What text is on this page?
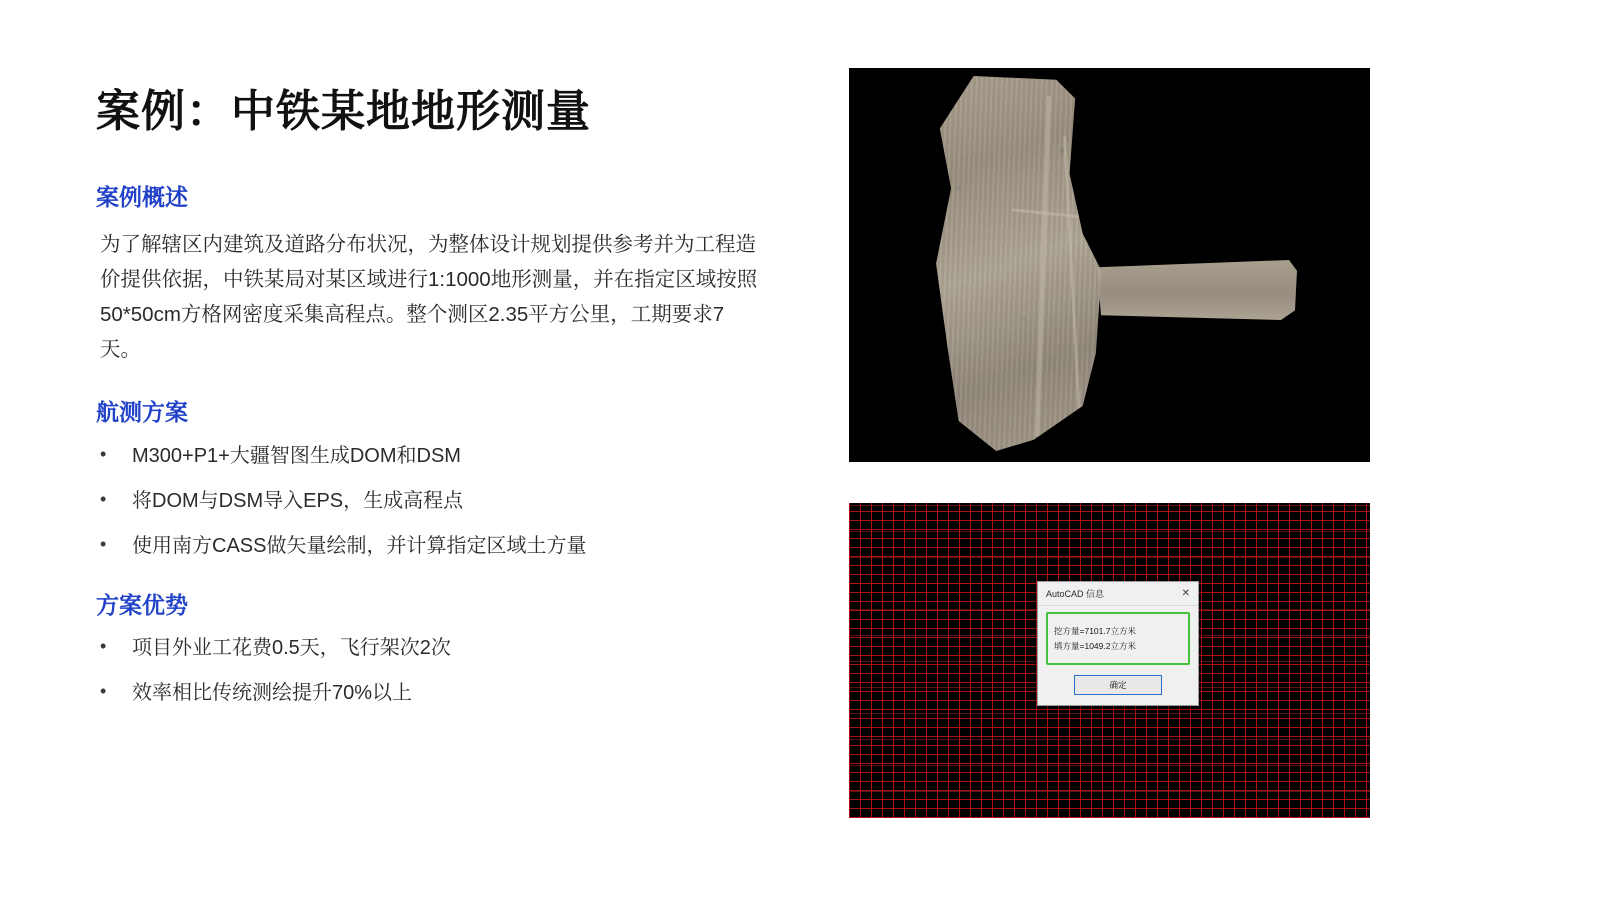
案例：中铁某地地形测量
案例概述

为了解辖区内建筑及道路分布状况，为整体设计规划提供参考并为工程造价提供依据，中铁某局对某区域进行1:1000地形测量，并在指定区域按照50*50cm方格网密度采集高程点。整个测区2.35平方公里，工期要求7天。

航测方案
• M300+P1+大疆智图生成DOM和DSM
• 将DOM与DSM导入EPS，生成高程点
• 使用南方CASS做矢量绘制，并计算指定区域土方量
方案优势
• 项目外业工花费0.5天，飞行架次2次
• 效率相比传统测绘提升70%以上
AutoCAD 信息	✕
挖方量=7101.7立方米
填方量=1049.2立方米
确定
